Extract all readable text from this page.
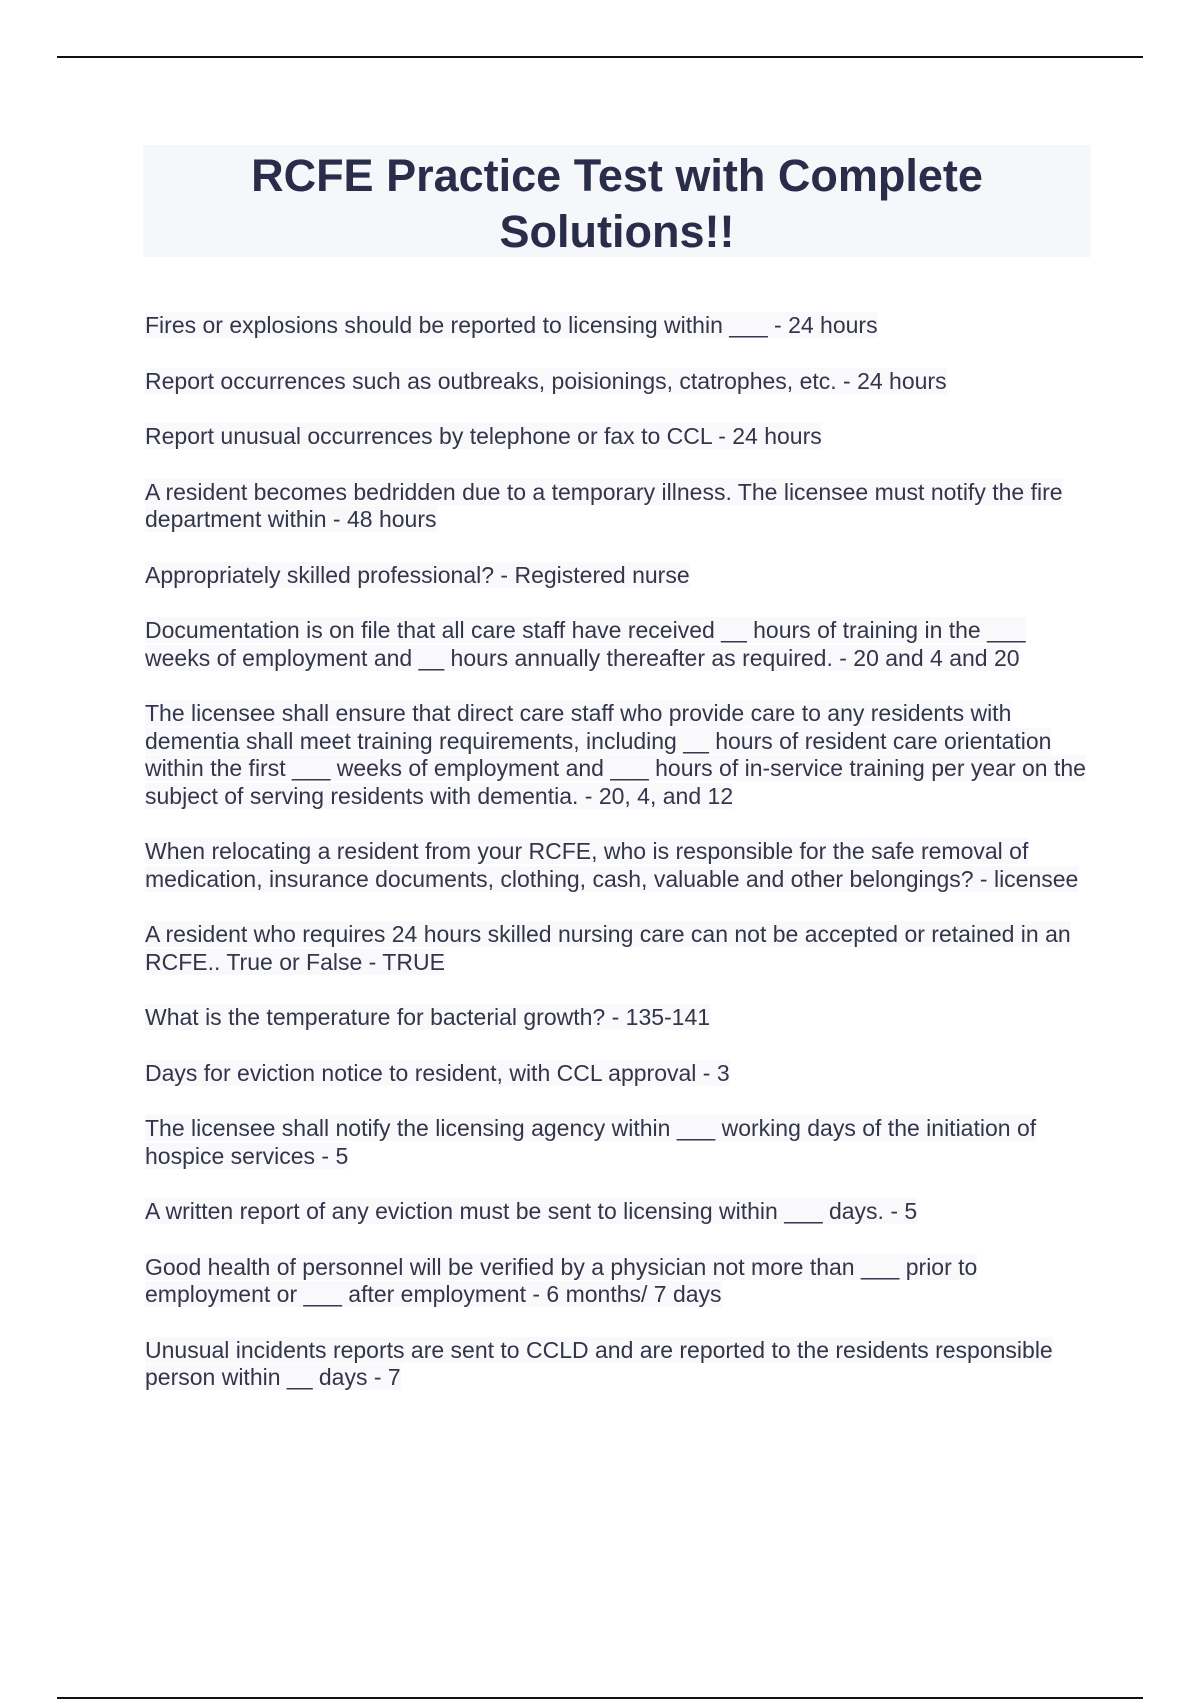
RCFE Practice Test with Complete
Solutions!!

Fires or explosions should be reported to licensing within ___ - 24 hours

Report occurrences such as outbreaks, poisionings, ctatrophes, etc. - 24 hours

Report unusual occurrences by telephone or fax to CCL - 24 hours

A resident becomes bedridden due to a temporary illness. The licensee must notify the fire department within - 48 hours

Appropriately skilled professional? - Registered nurse

Documentation is on file that all care staff have received __ hours of training in the ___ weeks of employment and __ hours annually thereafter as required. - 20 and 4 and 20

The licensee shall ensure that direct care staff who provide care to any residents with dementia shall meet training requirements, including __ hours of resident care orientation within the first ___ weeks of employment and ___ hours of in-service training per year on the subject of serving residents with dementia. - 20, 4, and 12

When relocating a resident from your RCFE, who is responsible for the safe removal of medication, insurance documents, clothing, cash, valuable and other belongings? - licensee

A resident who requires 24 hours skilled nursing care can not be accepted or retained in an RCFE.. True or False - TRUE

What is the temperature for bacterial growth? - 135-141

Days for eviction notice to resident, with CCL approval - 3

The licensee shall notify the licensing agency within ___ working days of the initiation of hospice services - 5

A written report of any eviction must be sent to licensing within ___ days. - 5

Good health of personnel will be verified by a physician not more than ___ prior to employment or ___ after employment - 6 months/ 7 days

Unusual incidents reports are sent to CCLD and are reported to the residents responsible person within __ days - 7
